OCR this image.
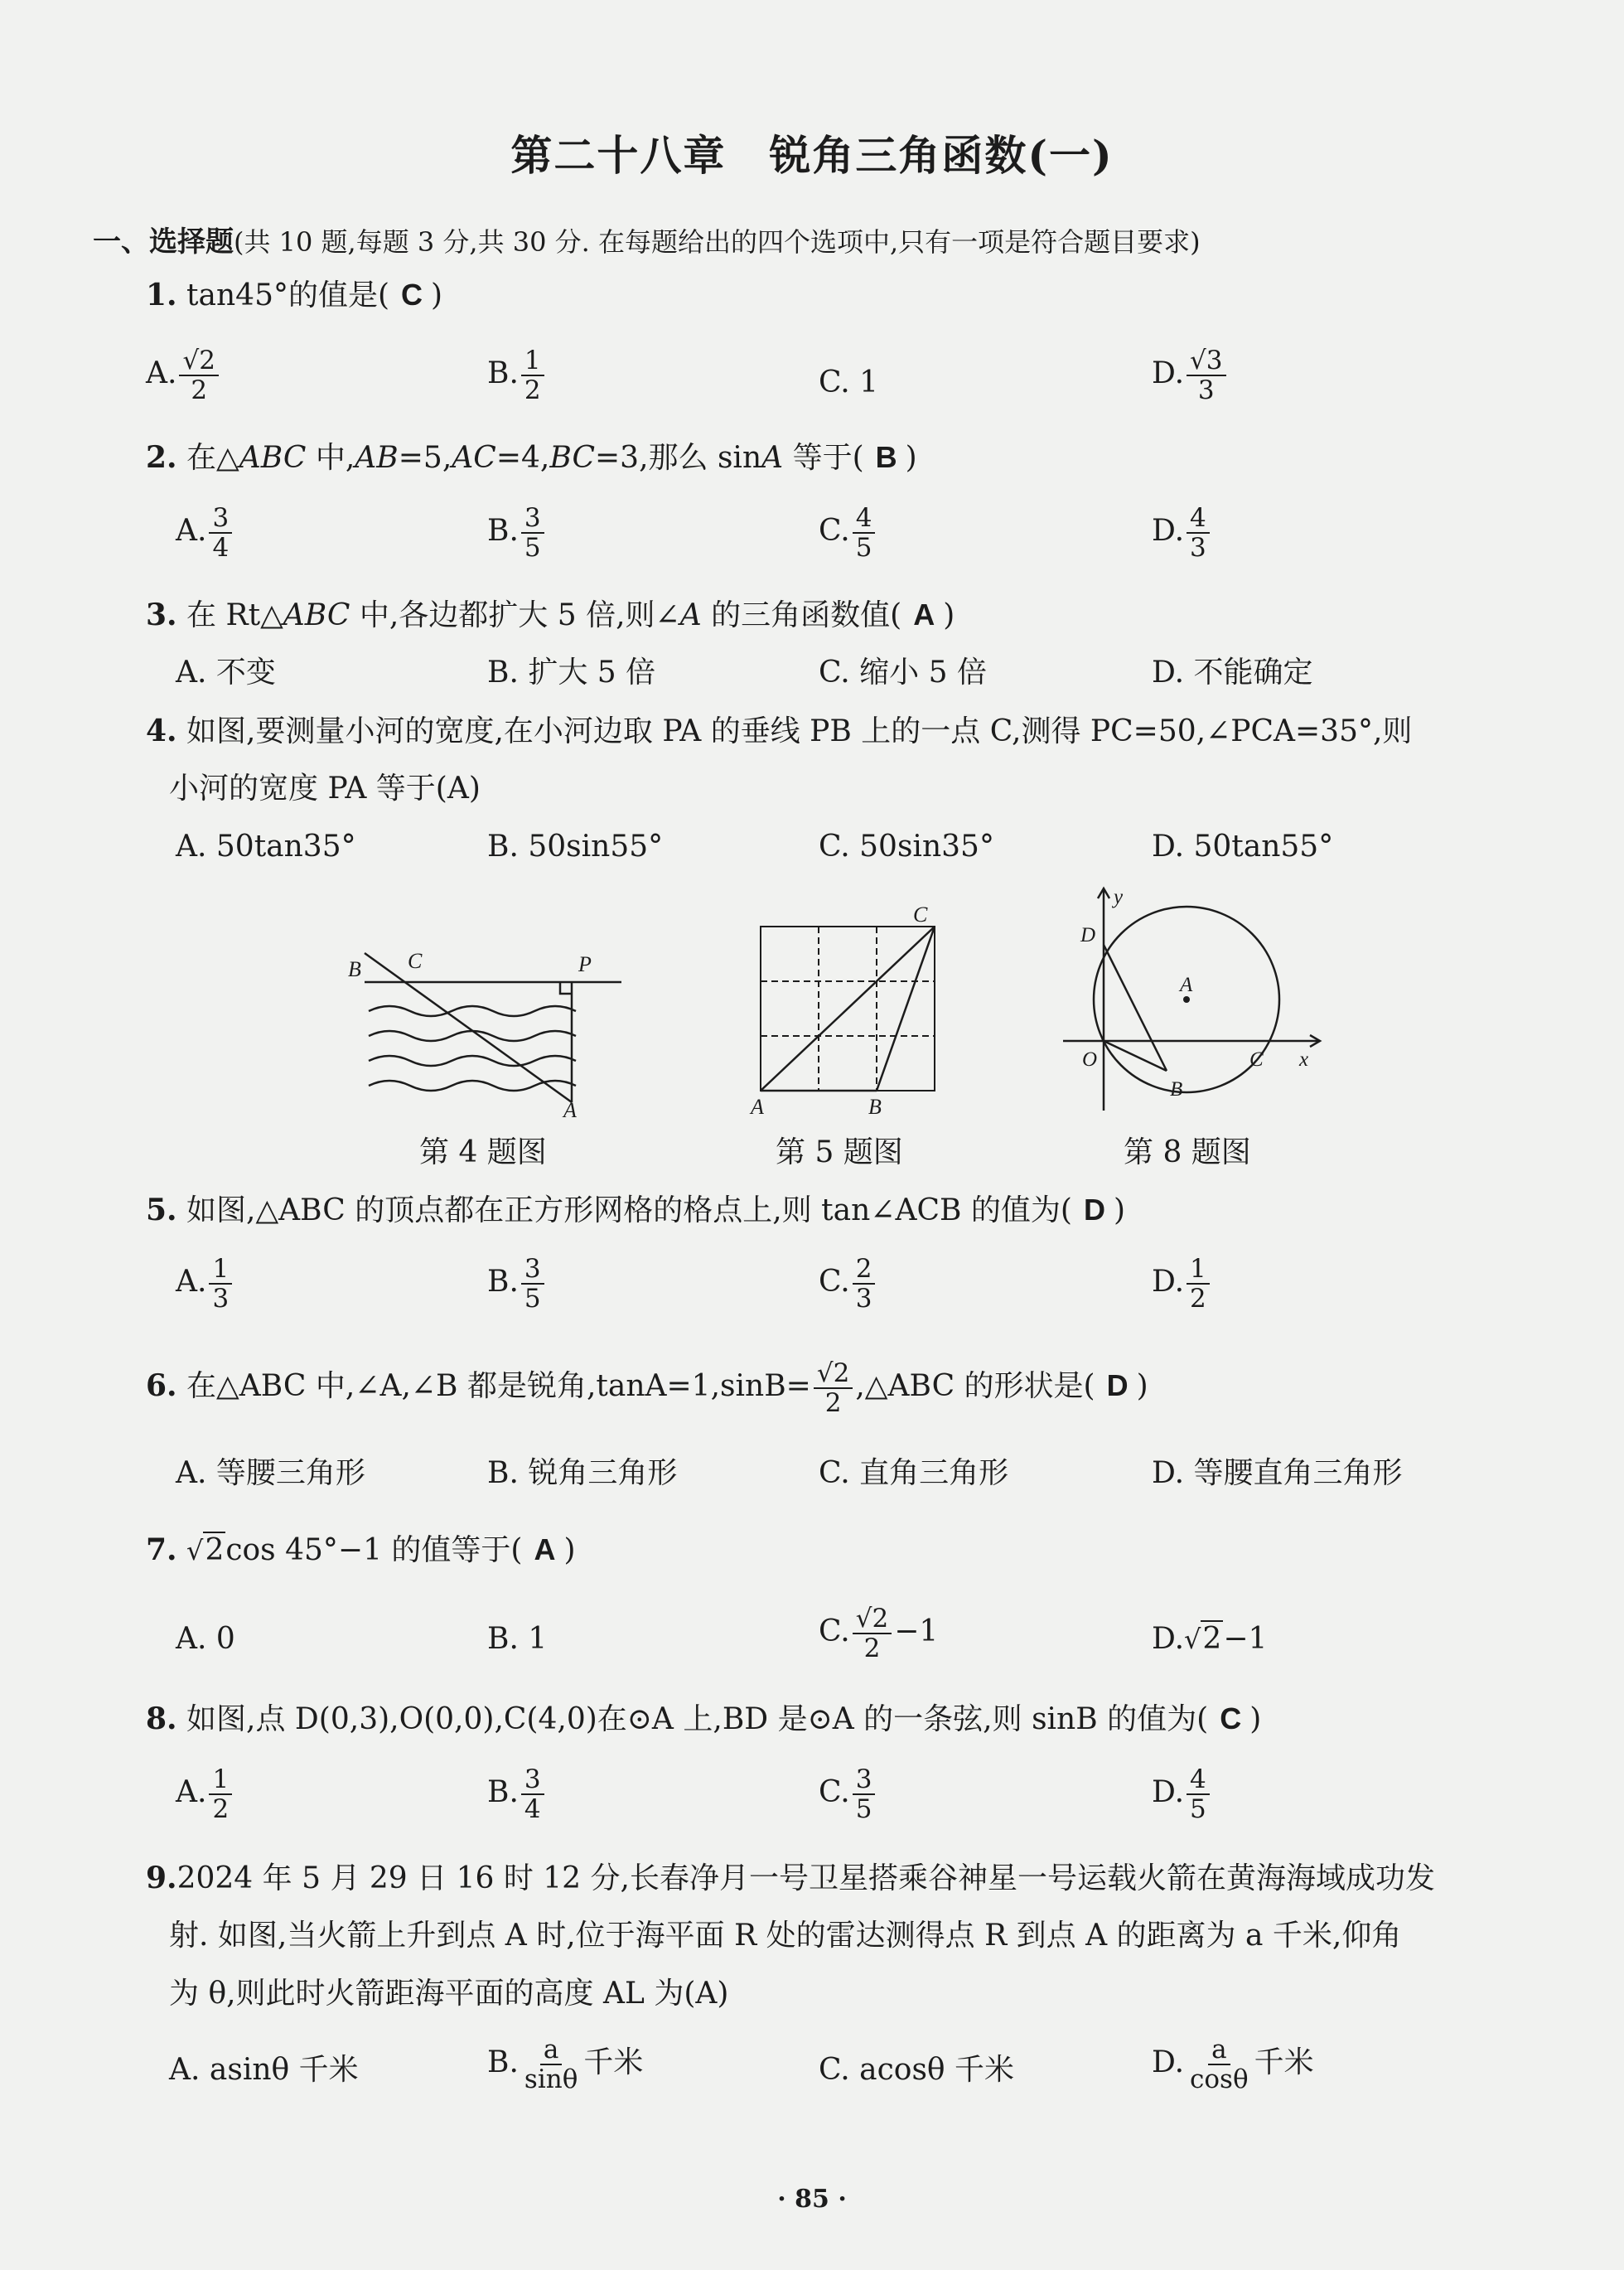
第二十八章　锐角三角函数(一)
一、选择题(共 10 题,每题 3 分,共 30 分. 在每题给出的四个选项中,只有一项是符合题目要求)
1. tan45°的值是( C )
A. $\frac{√2}{2}$	B. $\frac{1}{2}$	C. 1	D. $\frac{√3}{3}$
2. 在△ABC 中,AB=5,AC=4,BC=3,那么 sinA 等于( B )
A. $\frac{3}{4}$	B. $\frac{3}{5}$	C. $\frac{4}{5}$	D. $\frac{4}{3}$
3. 在 Rt△ABC 中,各边都扩大 5 倍,则∠A 的三角函数值( A )
A. 不变	B. 扩大 5 倍	C. 缩小 5 倍	D. 不能确定
4. 如图,要测量小河的宽度,在小河边取 PA 的垂线 PB 上的一点 C,测得 PC=50,∠PCA=35°,则
小河的宽度 PA 等于(A)
A. 50tan35°	B. 50sin55°	C. 50sin35°	D. 50tan55°
B C	P
A
第 4 题图
A	B
C
第 5 题图
y
x
D
A
O
B
C
第 8 题图
5. 如图,△ABC 的顶点都在正方形网格的格点上,则 tan∠ACB 的值为( D )
A. $\frac{1}{3}$	B. $\frac{3}{5}$	C. $\frac{2}{3}$	D. $\frac{1}{2}$
6. 在△ABC 中,∠A,∠B 都是锐角$,\tan A=1,\sin B= \frac{√2}{2}$ ,△ABC 的形状是( D )
A. 等腰三角形	B. 锐角三角形	C. 直角三角形	D. 等腰直角三角形
7. √2cos 45°−1 的值等于( A )
A. 0	B. 1	C. $\frac{√2}{2} -1$	D.√2−1
8. 如图,点 D(0,3),O(0,0),C(4,0)在⊙A 上,BD 是⊙A 的一条弦,则 sinB 的值为( C )
A. $\frac{1}{2}$	B. $\frac{3}{4}$	C. $\frac{3}{5}$	D. $\frac{4}{5}$
9.2024 年 5 月 29 日 16 时 12 分,长春净月一号卫星搭乘谷神星一号运载火箭在黄海海域成功发
射. 如图,当火箭上升到点 A 时,位于海平面 R 处的雷达测得点 R 到点 A 的距离为 a 千米,仰角
为 θ,则此时火箭距海平面的高度 AL 为(A)
A. asinθ 千米	B. $\frac{a}{\sin\theta}$ 千米	C. acosθ 千米	D. $\frac{a}{\cos\theta}$ 千米
· 85 ·
